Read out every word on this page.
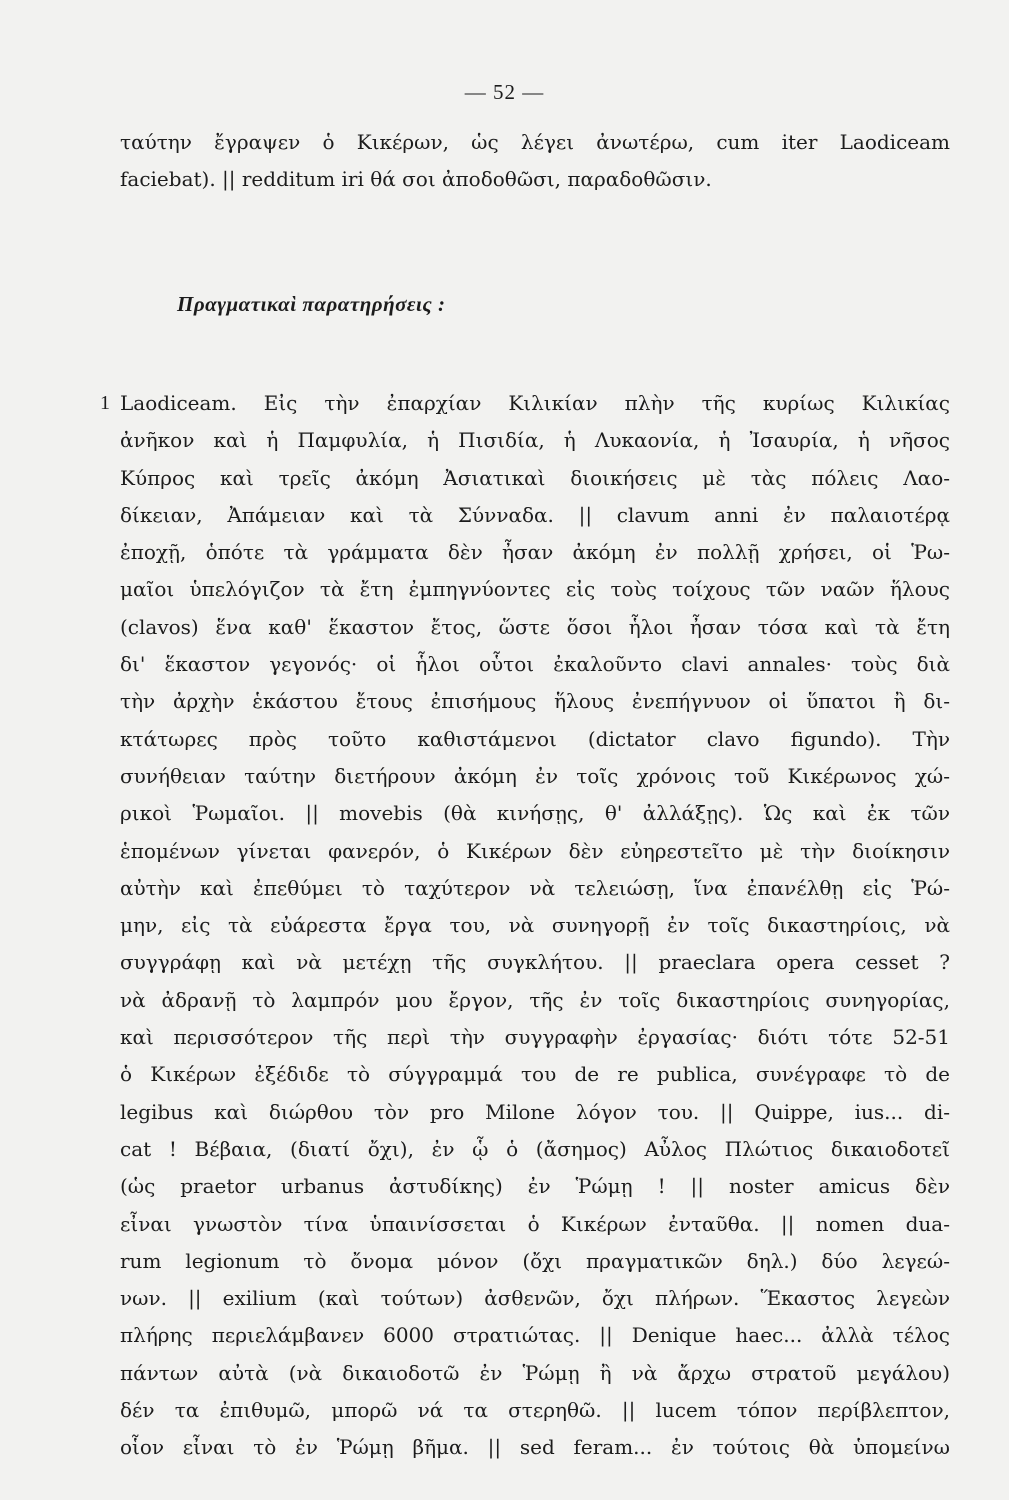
— 52 —
ταύτην ἔγραψεν ὁ Κικέρων, ὡς λέγει ἀνωτέρω, cum iter Laodiceam
faciebat). || redditum iri θά σοι ἀποδοθῶσι, παραδοθῶσιν.
Πραγματικαὶ παρατηρήσεις :
1 Laodiceam. Εἰς τὴν ἐπαρχίαν Κιλικίαν πλὴν τῆς κυρίως Κιλικίας
ἀνῆκον καὶ ἡ Παμφυλία, ἡ Πισιδία, ἡ Λυκαονία, ἡ Ἰσαυρία, ἡ νῆσος
Κύπρος καὶ τρεῖς ἀκόμη Ἀσιατικαὶ διοικήσεις μὲ τὰς πόλεις Λαο-
δίκειαν, Ἀπάμειαν καὶ τὰ Σύνναδα. || clavum anni ἐν παλαιοτέρᾳ
ἐποχῇ, ὁπότε τὰ γράμματα δὲν ἦσαν ἀκόμη ἐν πολλῇ χρήσει, οἱ Ῥω-
μαῖοι ὑπελόγιζον τὰ ἔτη ἐμπηγνύοντες εἰς τοὺς τοίχους τῶν ναῶν ἥλους
(clavos) ἕνα καθ' ἕκαστον ἔτος, ὥστε ὅσοι ἧλοι ἦσαν τόσα καὶ τὰ ἔτη
δι' ἕκαστον γεγονός· οἱ ἧλοι οὗτοι ἐκαλοῦντο clavi annales· τοὺς διὰ
τὴν ἀρχὴν ἑκάστου ἔτους ἐπισήμους ἥλους ἐνεπήγνυον οἱ ὕπατοι ἢ δι-
κτάτωρες πρὸς τοῦτο καθιστάμενοι (dictator clavo figundo). Τὴν
συνήθειαν ταύτην διετήρουν ἀκόμη ἐν τοῖς χρόνοις τοῦ Κικέρωνος χώ-
ρικοὶ Ῥωμαῖοι. || movebis (θὰ κινήσῃς, θ' ἀλλάξῃς). Ὡς καὶ ἐκ τῶν
ἑπομένων γίνεται φανερόν, ὁ Κικέρων δὲν εὐηρεστεῖτο μὲ τὴν διοίκησιν
αὐτὴν καὶ ἐπεθύμει τὸ ταχύτερον νὰ τελειώσῃ, ἵνα ἐπανέλθῃ εἰς Ῥώ-
μην, εἰς τὰ εὐάρεστα ἔργα του, νὰ συνηγορῇ ἐν τοῖς δικαστηρίοις, νὰ
συγγράφῃ καὶ νὰ μετέχῃ τῆς συγκλήτου. || praeclara opera cesset ?
νὰ ἀδρανῇ τὸ λαμπρόν μου ἔργον, τῆς ἐν τοῖς δικαστηρίοις συνηγορίας,
καὶ περισσότερον τῆς περὶ τὴν συγγραφὴν ἐργασίας· διότι τότε 52-51
ὁ Κικέρων ἐξέδιδε τὸ σύγγραμμά του de re publica, συνέγραφε τὸ de
legibus καὶ διώρθου τὸν pro Milone λόγον του. || Quippe, ius... di-
cat ! Βέβαια, (διατί ὄχι), ἐν ᾧ ὁ (ἄσημος) Αὖλος Πλώτιος δικαιοδοτεῖ
(ὡς praetor urbanus ἀστυδίκης) ἐν Ῥώμῃ ! || noster amicus δὲν
εἶναι γνωστὸν τίνα ὑπαινίσσεται ὁ Κικέρων ἐνταῦθα. || nomen dua-
rum legionum τὸ ὄνομα μόνον (ὄχι πραγματικῶν δηλ.) δύο λεγεώ-
νων. || exilium (καὶ τούτων) ἀσθενῶν, ὄχι πλήρων. Ἕκαστος λεγεὼν
πλήρης περιελάμβανεν 6000 στρατιώτας. || Denique haec... ἀλλὰ τέλος
πάντων αὐτὰ (νὰ δικαιοδοτῶ ἐν Ῥώμῃ ἢ νὰ ἄρχω στρατοῦ μεγάλου)
δέν τα ἐπιθυμῶ, μπορῶ νά τα στερηθῶ. || lucem τόπον περίβλεπτον,
οἷον εἶναι τὸ ἐν Ῥώμῃ βῆμα. || sed feram... ἐν τούτοις θὰ ὑπομείνω
